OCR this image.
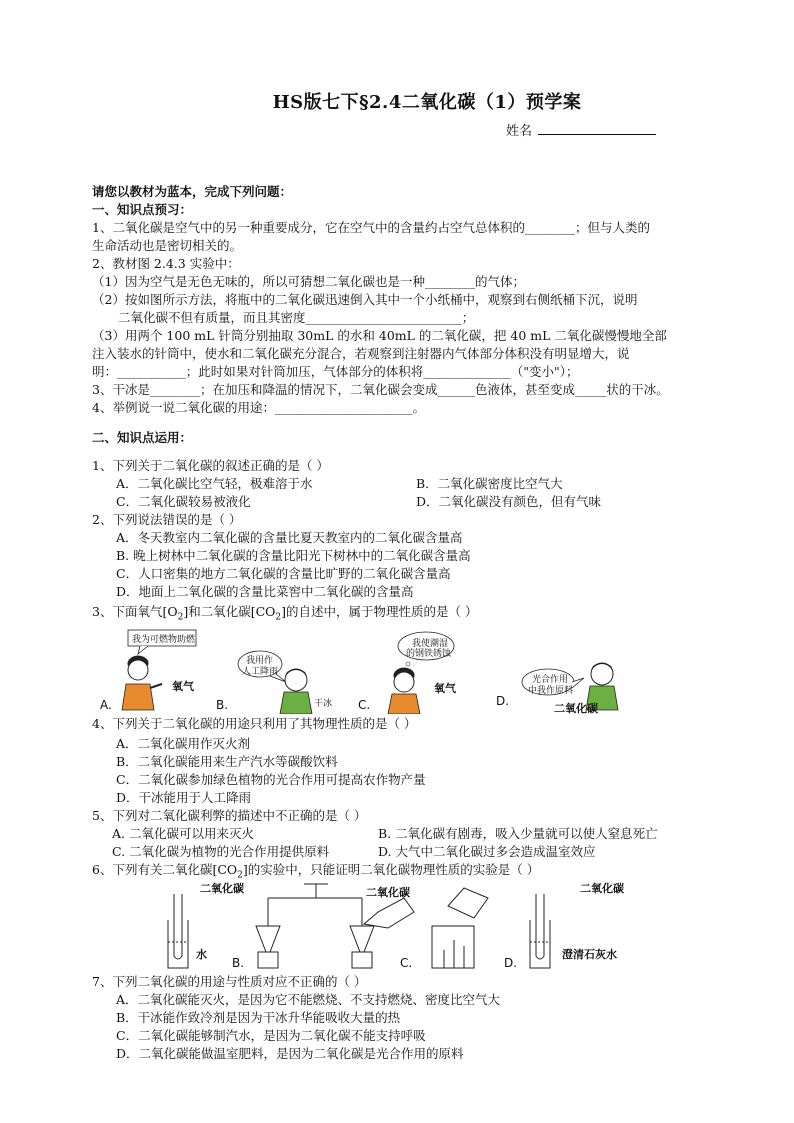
HS版七下§2.4二氧化碳（1）预学案
姓名
请您以教材为蓝本，完成下列问题：
一、知识点预习：
1、二氧化碳是空气中的另一种重要成分，它在空气中的含量约占空气总体积的________；但与人类的
生命活动也是密切相关的。
2、教材图 2.4.3 实验中：
（1）因为空气是无色无味的，所以可猜想二氧化碳也是一种________的气体；
（2）按如图所示方法，将瓶中的二氧化碳迅速倒入其中一个小纸桶中，观察到右侧纸桶下沉，说明
二氧化碳不但有质量，而且其密度_________________________；
（3）用两个 100 mL 针筒分别抽取 30mL 的水和 40mL 的二氧化碳，把 40 mL 二氧化碳慢慢地全部
注入装水的针筒中，使水和二氧化碳充分混合，若观察到注射器内气体部分体积没有明显增大，说
明：___________；此时如果对针筒加压，气体部分的体积将______________（"变小"）；
3、干冰是________；在加压和降温的情况下，二氧化碳会变成______色液体，甚至变成_____状的干冰。
4、举例说一说二氧化碳的用途：______________________。
二、知识点运用：
1、下列关于二氧化碳的叙述正确的是（ ）
A．二氧化碳比空气轻，极难溶于水	B．二氧化碳密度比空气大
C．二氧化碳较易被液化	D．二氧化碳没有颜色，但有气味
2、下列说法错误的是（ ）
A．冬天教室内二氧化碳的含量比夏天教室内的二氧化碳含量高
B. 晚上树林中二氧化碳的含量比阳光下树林中的二氧化碳含量高
C．人口密集的地方二氧化碳的含量比旷野的二氧化碳含量高
D．地面上二氧化碳的含量比菜窖中二氧化碳的含量高
3、下面氧气$[O_2]$和二氧化碳$[CO_2]$的自述中，属于物理性质的是（ ）
我为可燃物助燃
氧气
A.
我用作
人工降雨
干冰
B.
我使潮湿
的钢铁锈蚀
氧气
C.
光合作用
中我作原料
二氧化碳
D.
4、下列关于二氧化碳的用途只利用了其物理性质的是（ ）
A．二氧化碳用作灭火剂
B．二氧化碳能用来生产汽水等碳酸饮料
C．二氧化碳参加绿色植物的光合作用可提高农作物产量
D．干冰能用于人工降雨
5、下列对二氧化碳利弊的描述中不正确的是（ ）
A. 二氧化碳可以用来灭火	B. 二氧化碳有剧毒，吸入少量就可以使人窒息死亡
C. 二氧化碳为植物的光合作用提供原料	D. 大气中二氧化碳过多会造成温室效应
6、下列有关二氧化碳$[CO_2]$的实验中，只能证明二氧化碳物理性质的实验是（ ）
二氧化碳
水
二氧化碳
B.	C.
二氧化碳
澄清石灰水
D.
7、下列二氧化碳的用途与性质对应不正确的（ ）
A．二氧化碳能灭火，是因为它不能燃烧、不支持燃烧、密度比空气大
B．干冰能作致冷剂是因为干冰升华能吸收大量的热
C．二氧化碳能够制汽水，是因为二氧化碳不能支持呼吸
D．二氧化碳能做温室肥料，是因为二氧化碳是光合作用的原料
